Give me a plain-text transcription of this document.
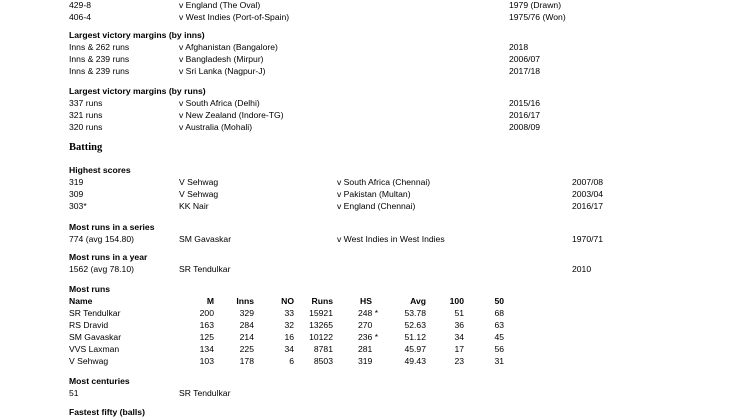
429-8	v England (The Oval)	1979 (Drawn)
406-4	v West Indies (Port-of-Spain)	1975/76 (Won)
Largest victory margins (by inns)
Inns & 262 runs	v Afghanistan (Bangalore)	2018
Inns & 239 runs	v Bangladesh (Mirpur)	2006/07
Inns & 239 runs	v Sri Lanka (Nagpur-J)	2017/18
Largest victory margins (by runs)
337 runs	v South Africa (Delhi)	2015/16
321 runs	v New Zealand (Indore-TG)	2016/17
320 runs	v Australia (Mohali)	2008/09
Batting
Highest scores
319	V Sehwag	v South Africa (Chennai)	2007/08
309	V Sehwag	v Pakistan (Multan)	2003/04
303*	KK Nair	v England (Chennai)	2016/17
Most runs in a series
774 (avg 154.80)	SM Gavaskar	v West Indies in West Indies	1970/71
Most runs in a year
1562 (avg 78.10)	SR Tendulkar	2010
Most runs
Name	M	Inns	NO	Runs	HS	Avg	100	50
SR Tendulkar	200	329	33	15921	248 *	53.78	51	68
RS Dravid	163	284	32	13265	270	52.63	36	63
SM Gavaskar	125	214	16	10122	236 *	51.12	34	45
VVS Laxman	134	225	34	8781	281	45.97	17	56
V Sehwag	103	178	6	8503	319	49.43	23	31
Most centuries
51	SR Tendulkar
Fastest fifty (balls)
